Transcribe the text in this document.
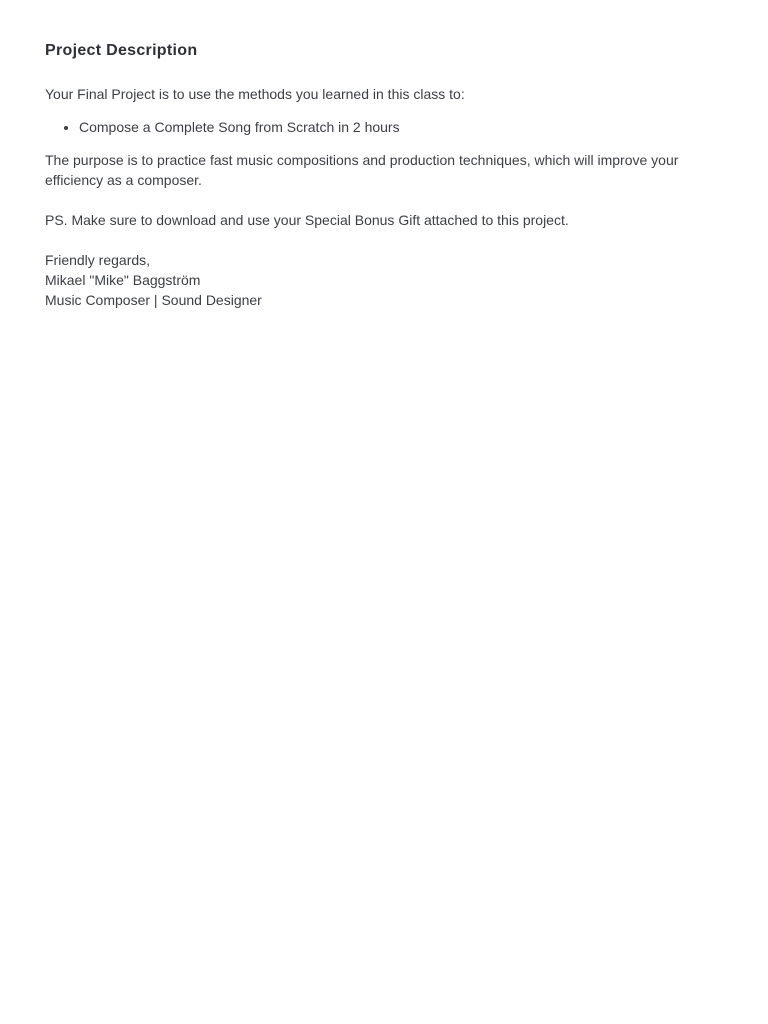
Project Description

Your Final Project is to use the methods you learned in this class to:

• Compose a Complete Song from Scratch in 2 hours

The purpose is to practice fast music compositions and production techniques, which will improve your efficiency as a composer.

PS. Make sure to download and use your Special Bonus Gift attached to this project.

Friendly regards,
Mikael "Mike" Baggström
Music Composer | Sound Designer
